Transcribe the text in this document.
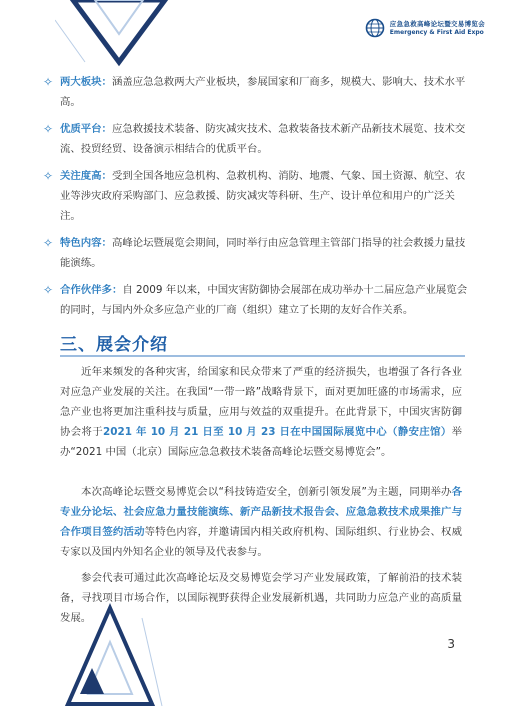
应急急救高峰论坛暨交易博览会
Emergency & First Aid Expo
✧ 两大板块：涵盖应急急救两大产业板块，参展国家和厂商多，规模大、影响大、技术水平高。
✧ 优质平台：应急救援技术装备、防灾减灾技术、急救装备技术新产品新技术展览、技术交流、投贸经贸、设备演示相结合的优质平台。
✧ 关注度高：受到全国各地应急机构、急救机构、消防、地震、气象、国土资源、航空、农业等涉灾政府采购部门、应急救援、防灾减灾等科研、生产、设计单位和用户的广泛关注。
✧ 特色内容：高峰论坛暨展览会期间，同时举行由应急管理主管部门指导的社会救援力量技能演练。
✧ 合作伙伴多：自 2009 年以来，中国灾害防御协会展部在成功举办十二届应急产业展览会的同时，与国内外众多应急产业的厂商（组织）建立了长期的友好合作关系。
三、展会介绍
近年来频发的各种灾害，给国家和民众带来了严重的经济损失，也增强了各行各业对应急产业发展的关注。在我国“一带一路”战略背景下，面对更加旺盛的市场需求，应急产业也将更加注重科技与质量，应用与效益的双重提升。在此背景下，中国灾害防御协会将于2021 年 10 月 21 日至 10 月 23 日在中国国际展览中心（静安庄馆）举办“2021 中国（北京）国际应急急救技术装备高峰论坛暨交易博览会”。
本次高峰论坛暨交易博览会以“科技铸造安全，创新引领发展”为主题，同期举办各专业分论坛、社会应急力量技能演练、新产品新技术报告会、应急急救技术成果推广与合作项目签约活动等特色内容，并邀请国内相关政府机构、国际组织、行业协会、权威专家以及国内外知名企业的领导及代表参与。
参会代表可通过此次高峰论坛及交易博览会学习产业发展政策，了解前沿的技术装备，寻找项目市场合作，以国际视野获得企业发展新机遇，共同助力应急产业的高质量发展。
3
